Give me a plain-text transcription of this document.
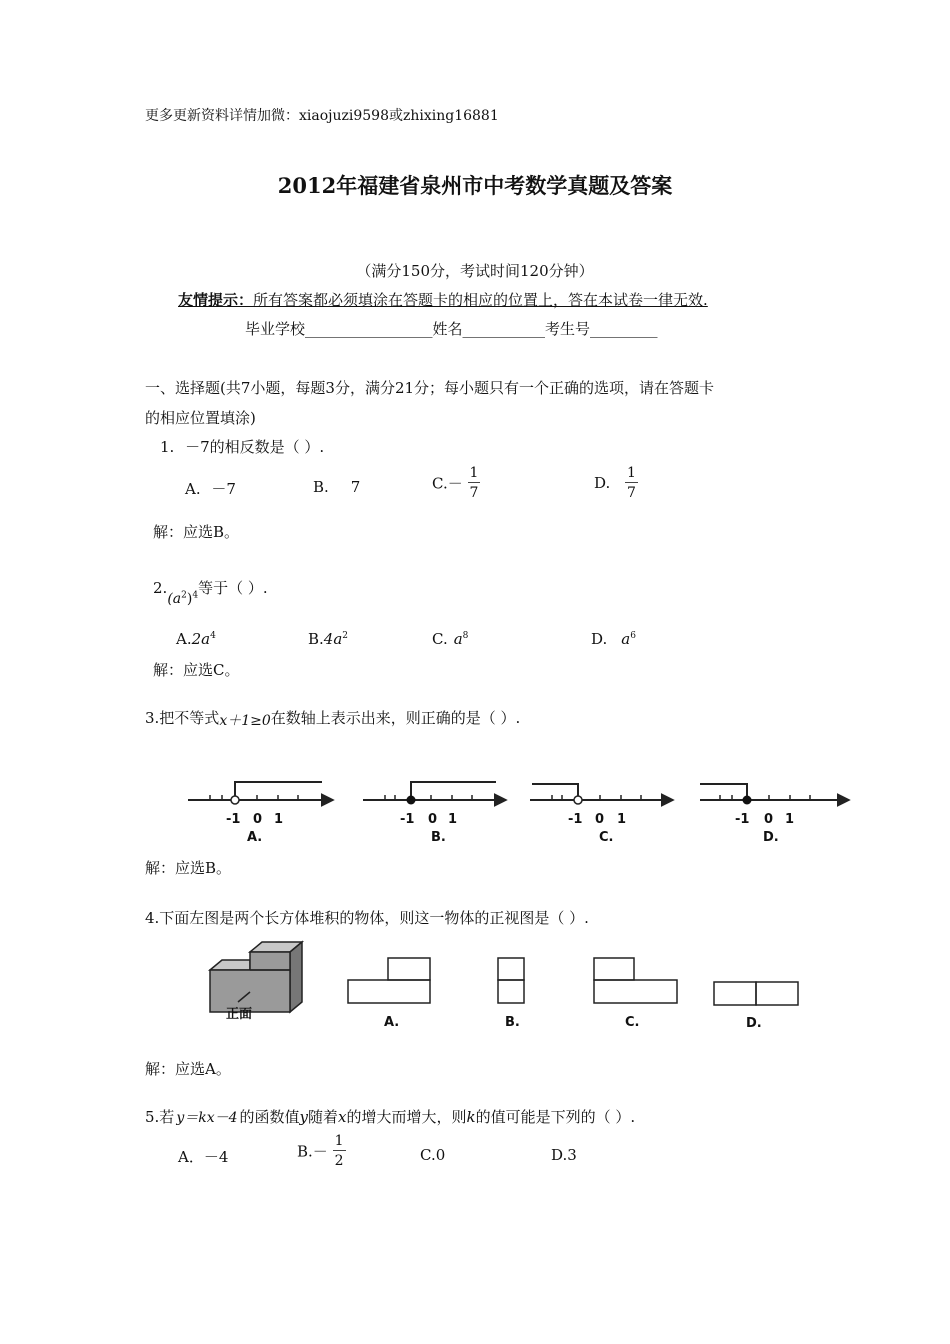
更多更新资料详情加微：xiaojuzi9598或zhixing16881
2012年福建省泉州市中考数学真题及答案
（满分150分，考试时间120分钟）
友情提示：所有答案都必须填涂在答题卡的相应的位置上，答在本试卷一律无效.
毕业学校_________________姓名___________考生号_________
一、选择题(共7小题，每题3分，满分21分；每小题只有一个正确的选项，请在答题卡
的相应位置填涂)
1. －7的相反数是（ ）.
A. －7	B. 7	$C.- \frac{1}{7}$	D. $\frac{1}{7}$
解：应选B。
$2.(a^2)^4$等于（ ）.
$A.2a^4$	$B.4a^2$	C. $a^8$	D. $a^6$
解：应选C。
3.把不等式x＋1≥0在数轴上表示出来，则正确的是（ ）.
-1 0 1
A.
-1 0 1
B.
-1 0 1
C.
-1 0 1
D.
解：应选B。
4.下面左图是两个长方体堆积的物体，则这一物体的正视图是（ ）.
正面
A.	B.	C.	D.
解：应选A。
5.若 y＝kx－4 的函数值y随着x的增大而增大，则k的值可能是下列的（ ）.
A．－4	$B.- \frac{1}{2}$	C.0	D.3
